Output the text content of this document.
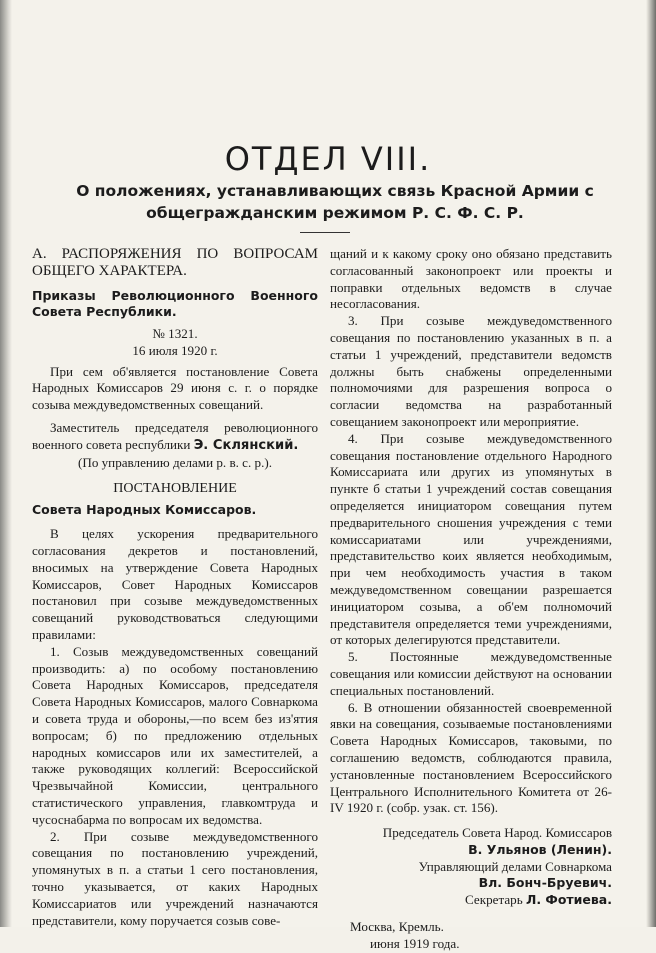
ОТДЕЛ VIII.
О положениях, устанавливающих связь Красной Армии с общегражданским режимом Р. С. Ф. С. Р.

А. РАСПОРЯЖЕНИЯ ПО ВОПРОСАМ ОБЩЕГО ХАРАКТЕРА.

Приказы Революционного Военного Совета Республики.

№ 1321.

16 июля 1920 г.

При сем об'является постановление Совета Народных Комиссаров 29 июня с. г. о порядке созыва междуведомственных совещаний.

Заместитель председателя революционного военного совета республики Э. Склянский.

(По управлению делами р. в. с. р.).

ПОСТАНОВЛЕНИЕ

Совета Народных Комиссаров.

В целях ускорения предварительного согласования декретов и постановлений, вносимых на утверждение Совета Народных Комиссаров, Совет Народных Комиссаров постановил при созыве междуведомственных совещаний руководствоваться следующими правилами:

1. Созыв междуведомственных совещаний производить: а) по особому постановлению Совета Народных Комиссаров, председателя Совета Народных Комиссаров, малого Совнаркома и совета труда и обороны,—по всем без из'ятия вопросам; б) по предложению отдельных народных комиссаров или их заместителей, а также руководящих коллегий: Всероссийской Чрезвычайной Комиссии, центрального статистического управления, главкомтруда и чусоснабарма по вопросам их ведомства.

2. При созыве междуведомственного совещания по постановлению учреждений, упомянутых в п. а статьи 1 сего постановления, точно указывается, от каких Народных Комиссариатов или учреждений назначаются представители, кому поручается созыв сове-

щаний и к какому сроку оно обязано представить согласованный законопроект или проекты и поправки отдельных ведомств в случае несогласования.

3. При созыве междуведомственного совещания по постановлению указанных в п. а статьи 1 учреждений, представители ведомств должны быть снабжены определенными полномочиями для разрешения вопроса о согласии ведомства на разработанный совещанием законопроект или мероприятие.

4. При созыве междуведомственного совещания постановление отдельного Народного Комиссариата или других из упомянутых в пункте б статьи 1 учреждений состав совещания определяется инициатором совещания путем предварительного сношения учреждения с теми комиссариатами или учреждениями, представительство коих является необходимым, при чем необходимость участия в таком междуведомственном совещании разрешается инициатором созыва, а об'ем полномочий представителя определяется теми учреждениями, от которых делегируются представители.

5. Постоянные междуведомственные совещания или комиссии действуют на основании специальных постановлений.

6. В отношении обязанностей своевременной явки на совещания, созываемые постановлениями Совета Народных Комиссаров, таковыми, по соглашению ведомств, соблюдаются правила, установленные постановлением Всероссийского Центрального Исполнительного Комитета от 26-IV 1920 г. (собр. узак. ст. 156).

Председатель Совета Народ. Комиссаров

В. Ульянов (Ленин).

Управляющий делами Совнаркома

Вл. Бонч-Бруевич.

Секретарь Л. Фотиева.

Москва, Кремль.

июня 1919 года.
